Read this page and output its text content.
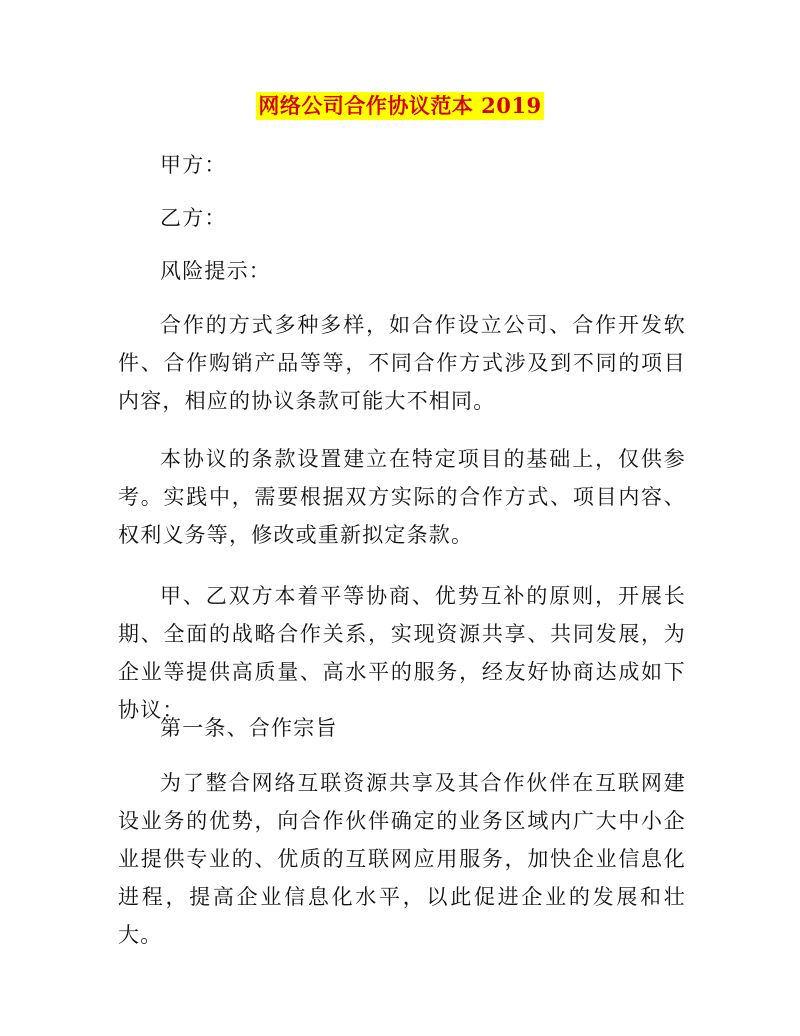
网络公司合作协议范本 2019

甲方：

乙方：

风险提示：

合作的方式多种多样，如合作设立公司、合作开发软件、合作购销产品等等，不同合作方式涉及到不同的项目内容，相应的协议条款可能大不相同。

本协议的条款设置建立在特定项目的基础上，仅供参考。实践中，需要根据双方实际的合作方式、项目内容、权利义务等，修改或重新拟定条款。

甲、乙双方本着平等协商、优势互补的原则，开展长期、全面的战略合作关系，实现资源共享、共同发展，为企业等提供高质量、高水平的服务，经友好协商达成如下协议：

第一条、合作宗旨

为了整合网络互联资源共享及其合作伙伴在互联网建设业务的优势，向合作伙伴确定的业务区域内广大中小企业提供专业的、优质的互联网应用服务，加快企业信息化进程，提高企业信息化水平，以此促进企业的发展和壮大。
